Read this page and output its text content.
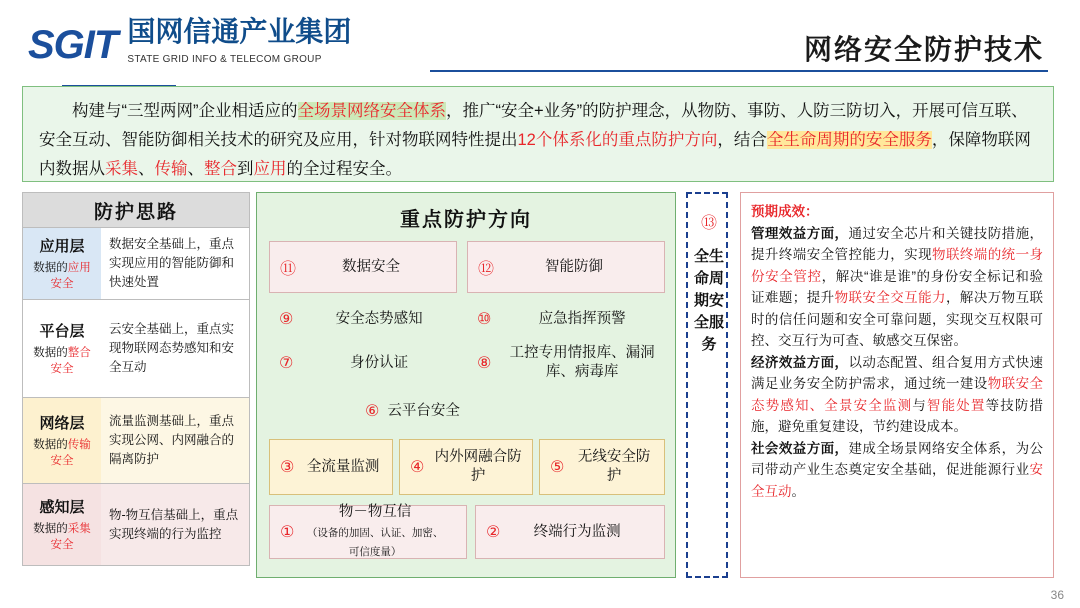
SGIT 国网信通产业集团
STATE GRID INFO & TELECOM GROUP	网络安全防护技术

构建与“三型两网”企业相适应的全场景网络安全体系，推广“安全+业务”的防护理念，从物防、事防、人防三防切入，开展可信互联、安全互动、智能防御相关技术的研究及应用，针对物联网特性提出12个体系化的重点防护方向，结合全生命周期的安全服务，保障物联网内数据从采集、传输、整合到应用的全过程安全。

防护思路
应用层
数据的应用
安全
数据安全基础上，重点实现应用的智能防御和快速处置
平台层
数据的整合
安全
云安全基础上，重点实现物联网态势感知和安全互动
网络层
数据的传输
安全
流量监测基础上，重点实现公网、内网融合的隔离防护
感知层
数据的采集
安全
物-物互信基础上，重点实现终端的行为监控
重点防护方向
⑪	数据安全	⑫	智能防御
⑨	安全态势感知	⑩	应急指挥预警
⑦	身份认证	⑧
工控专用情报库、漏洞库、病毒库
⑥ 云平台安全
③ 全流量监测	④
内外网融合防护	⑤
无线安全防护
①
物－物互信
（设备的加固、认证、加密、可信度量）
②	终端行为监测
⑬
全生命周期安全服务
预期成效：
管理效益方面，通过安全芯片和关键技防措施，提升终端安全管控能力，实现物联终端的统一身份安全管控，解决“谁是谁”的身份安全标记和验证难题；提升物联安全交互能力，解决万物互联时的信任问题和安全可靠问题，实现交互权限可控、交互行为可查、敏感交互保密。
经济效益方面，以动态配置、组合复用方式快速满足业务安全防护需求，通过统一建设物联安全态势感知、全景安全监测与智能处置等技防措施，避免重复建设，节约建设成本。
社会效益方面，建成全场景网络安全体系，为公司带动产业生态奠定安全基础，促进能源行业安全互动。
36
